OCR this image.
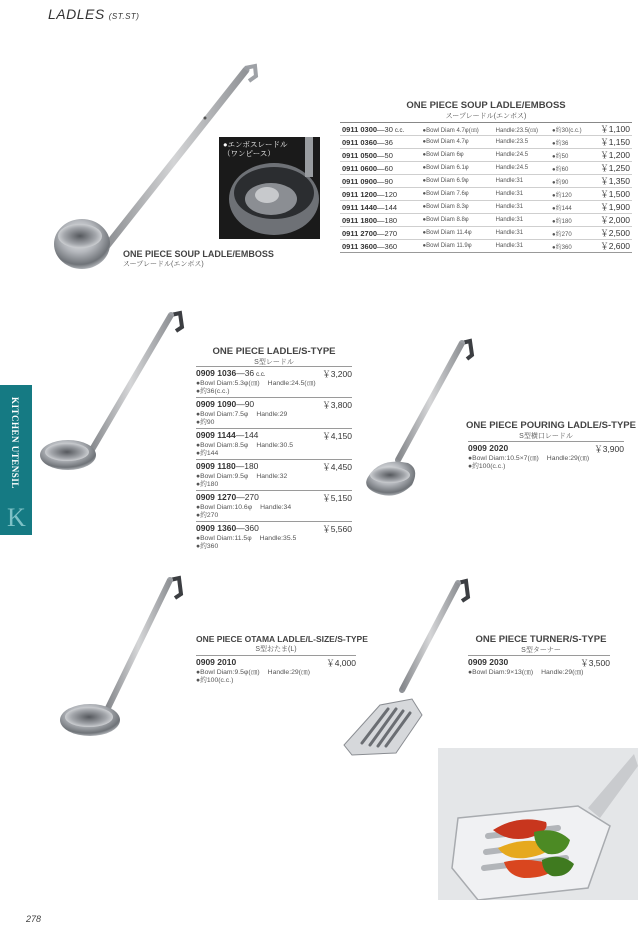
LADLES (ST.ST)
KITCHEN UTENSIL
K
●エンボスレードル
（ワンピース）
ONE PIECE SOUP LADLE/EMBOSS
スープレードル(エンボス)
ONE PIECE SOUP LADLE/EMBOSS
スープレードル(エンボス)
0911 0300―30 c.c.	●Bowl Diam 4.7φ(㎝)	Handle:23.5(㎝)	●約30(c.c.)	￥1,100
0911 0360―36	●Bowl Diam 4.7φ	Handle:23.5	●約36	￥1,150
0911 0500―50	●Bowl Diam 6φ	Handle:24.5	●約50	￥1,200
0911 0600―60	●Bowl Diam 6.1φ	Handle:24.5	●約60	￥1,250
0911 0900―90	●Bowl Diam 6.9φ	Handle:31	●約90	￥1,350
0911 1200―120	●Bowl Diam 7.6φ	Handle:31	●約120	￥1,500
0911 1440―144	●Bowl Diam 8.3φ	Handle:31	●約144	￥1,900
0911 1800―180	●Bowl Diam 8.8φ	Handle:31	●約180	￥2,000
0911 2700―270	●Bowl Diam 11.4φ	Handle:31	●約270	￥2,500
0911 3600―360	●Bowl Diam 11.9φ	Handle:31	●約360	￥2,600
ONE PIECE LADLE/S-TYPE
S型レードル
0909 1036―36 c.c.	￥3,200
●Bowl Diam:5.3φ(㎝) Handle:24.5(㎝)
●約36(c.c.)
0909 1090―90	￥3,800
●Bowl Diam:7.5φ Handle:29
●約90
0909 1144―144	￥4,150
●Bowl Diam:8.5φ Handle:30.5
●約144
0909 1180―180	￥4,450
●Bowl Diam:9.5φ Handle:32
●約180
0909 1270―270	￥5,150
●Bowl Diam:10.6φ Handle:34
●約270
0909 1360―360	￥5,560
●Bowl Diam:11.5φ Handle:35.5
●約360
ONE PIECE POURING LADLE/S-TYPE
S型横口レードル
0909 2020	￥3,900
●Bowl Diam:10.5×7(㎝) Handle:29(㎝)
●約100(c.c.)
ONE PIECE OTAMA LADLE/L-SIZE/S-TYPE
S型おたま(L)
0909 2010	￥4,000
●Bowl Diam:9.5φ(㎝) Handle:29(㎝)
●約100(c.c.)
ONE PIECE TURNER/S-TYPE
S型ターナー
0909 2030	￥3,500
●Bowl Diam:9×13(㎝) Handle:29(㎝)
278
